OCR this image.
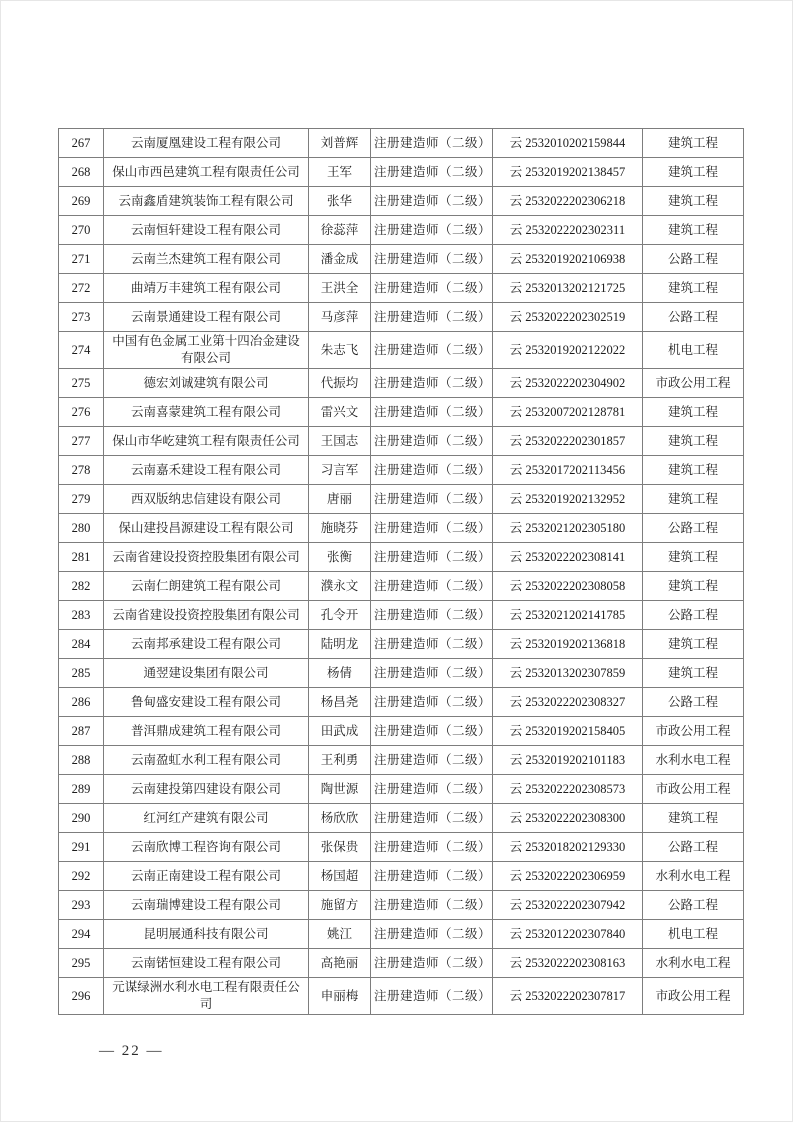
267	云南厦凰建设工程有限公司	刘普辉	注册建造师（二级）	云 2532010202159844	建筑工程
268	保山市西邑建筑工程有限责任公司	王军	注册建造师（二级）	云 2532019202138457	建筑工程
269	云南鑫盾建筑装饰工程有限公司	张华	注册建造师（二级）	云 2532022202306218	建筑工程
270	云南恒轩建设工程有限公司	徐蕊萍	注册建造师（二级）	云 2532022202302311	建筑工程
271	云南兰杰建筑工程有限公司	潘金成	注册建造师（二级）	云 2532019202106938	公路工程
272	曲靖万丰建筑工程有限公司	王洪全	注册建造师（二级）	云 2532013202121725	建筑工程
273	云南景通建设工程有限公司	马彦萍	注册建造师（二级）	云 2532022202302519	公路工程
274	中国有色金属工业第十四冶金建设有限公司	朱志飞	注册建造师（二级）	云 2532019202122022	机电工程
275	德宏刘诚建筑有限公司	代振均	注册建造师（二级）	云 2532022202304902	市政公用工程
276	云南喜蒙建筑工程有限公司	雷兴文	注册建造师（二级）	云 2532007202128781	建筑工程
277	保山市华屹建筑工程有限责任公司	王国志	注册建造师（二级）	云 2532022202301857	建筑工程
278	云南嘉禾建设工程有限公司	习言军	注册建造师（二级）	云 2532017202113456	建筑工程
279	西双版纳忠信建设有限公司	唐丽	注册建造师（二级）	云 2532019202132952	建筑工程
280	保山建投昌源建设工程有限公司	施晓芬	注册建造师（二级）	云 2532021202305180	公路工程
281	云南省建设投资控股集团有限公司	张衡	注册建造师（二级）	云 2532022202308141	建筑工程
282	云南仁朗建筑工程有限公司	濮永文	注册建造师（二级）	云 2532022202308058	建筑工程
283	云南省建设投资控股集团有限公司	孔令开	注册建造师（二级）	云 2532021202141785	公路工程
284	云南邦承建设工程有限公司	陆明龙	注册建造师（二级）	云 2532019202136818	建筑工程
285	通翌建设集团有限公司	杨倩	注册建造师（二级）	云 2532013202307859	建筑工程
286	鲁甸盛安建设工程有限公司	杨昌尧	注册建造师（二级）	云 2532022202308327	公路工程
287	普洱鼎成建筑工程有限公司	田武成	注册建造师（二级）	云 2532019202158405	市政公用工程
288	云南盈虹水利工程有限公司	王利勇	注册建造师（二级）	云 2532019202101183	水利水电工程
289	云南建投第四建设有限公司	陶世源	注册建造师（二级）	云 2532022202308573	市政公用工程
290	红河红产建筑有限公司	杨欣欣	注册建造师（二级）	云 2532022202308300	建筑工程
291	云南欣博工程咨询有限公司	张保贵	注册建造师（二级）	云 2532018202129330	公路工程
292	云南正南建设工程有限公司	杨国超	注册建造师（二级）	云 2532022202306959	水利水电工程
293	云南瑞博建设工程有限公司	施留方	注册建造师（二级）	云 2532022202307942	公路工程
294	昆明展通科技有限公司	姚江	注册建造师（二级）	云 2532012202307840	机电工程
295	云南锘恒建设工程有限公司	高艳丽	注册建造师（二级）	云 2532022202308163	水利水电工程
296	元谋绿洲水利水电工程有限责任公司	申丽梅	注册建造师（二级）	云 2532022202307817	市政公用工程
— 22 —
